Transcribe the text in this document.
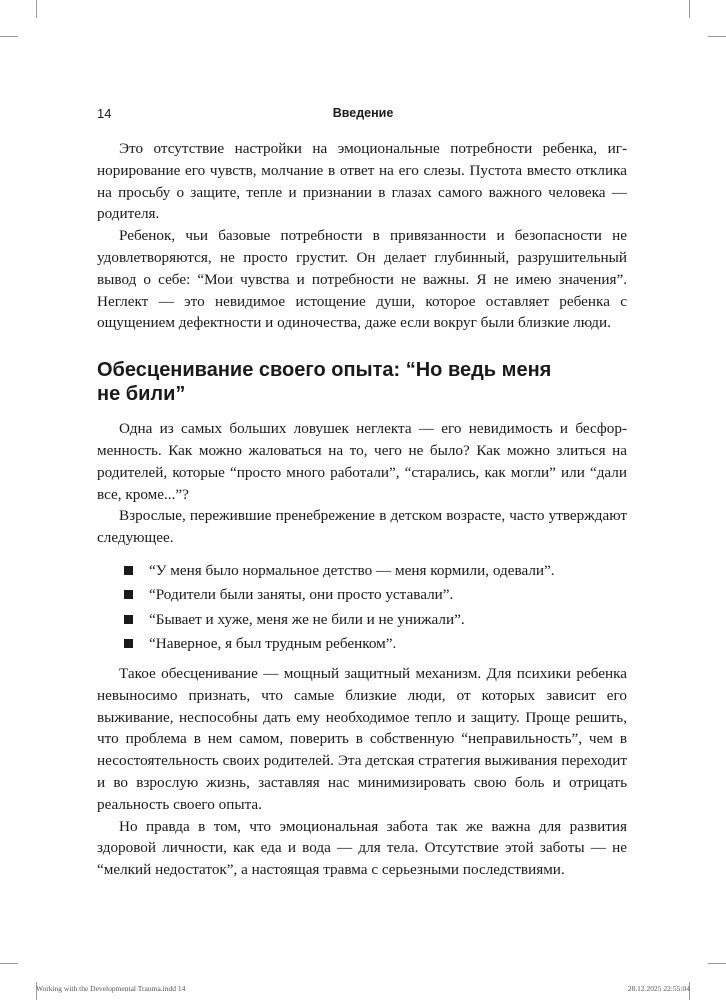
14	Введение

Это отсутствие настройки на эмоциональные потребности ребенка, игнорирование его чувств, молчание в ответ на его слезы. Пустота вместо отклика на просьбу о защите, тепле и признании в глазах самого важного человека — родителя.

Ребенок, чьи базовые потребности в привязанности и безопасности не удовлетворяются, не просто грустит. Он делает глубинный, разрушительный вывод о себе: “Мои чувства и потребности не важны. Я не имею значения”. Неглект — это невидимое истощение души, которое оставляет ребенка с ощущением дефектности и одиночества, даже если вокруг были близкие люди.

Обесценивание своего опыта: “Но ведь меня не били”

Одна из самых больших ловушек неглекта — его невидимость и бесформенность. Как можно жаловаться на то, чего не было? Как можно злиться на родителей, которые “просто много работали”, “старались, как могли” или “дали все, кроме...”?

Взрослые, пережившие пренебрежение в детском возрасте, часто утверждают следующее.

“У меня было нормальное детство — меня кормили, одевали”.
“Родители были заняты, они просто уставали”.
“Бывает и хуже, меня же не били и не унижали”.
“Наверное, я был трудным ребенком”.

Такое обесценивание — мощный защитный механизм. Для психики ребенка невыносимо признать, что самые близкие люди, от которых зависит его выживание, неспособны дать ему необходимое тепло и защиту. Проще решить, что проблема в нем самом, поверить в собственную “неправильность”, чем в несостоятельность своих родителей. Эта детская стратегия выживания переходит и во взрослую жизнь, заставляя нас минимизировать свою боль и отрицать реальность своего опыта.

Но правда в том, что эмоциональная забота так же важна для развития здоровой личности, как еда и вода — для тела. Отсутствие этой заботы — не “мелкий недостаток”, а настоящая травма с серьезными последствиями.

Working with the Developmental Trauma.indd 14	28.12.2025 22:55:04
